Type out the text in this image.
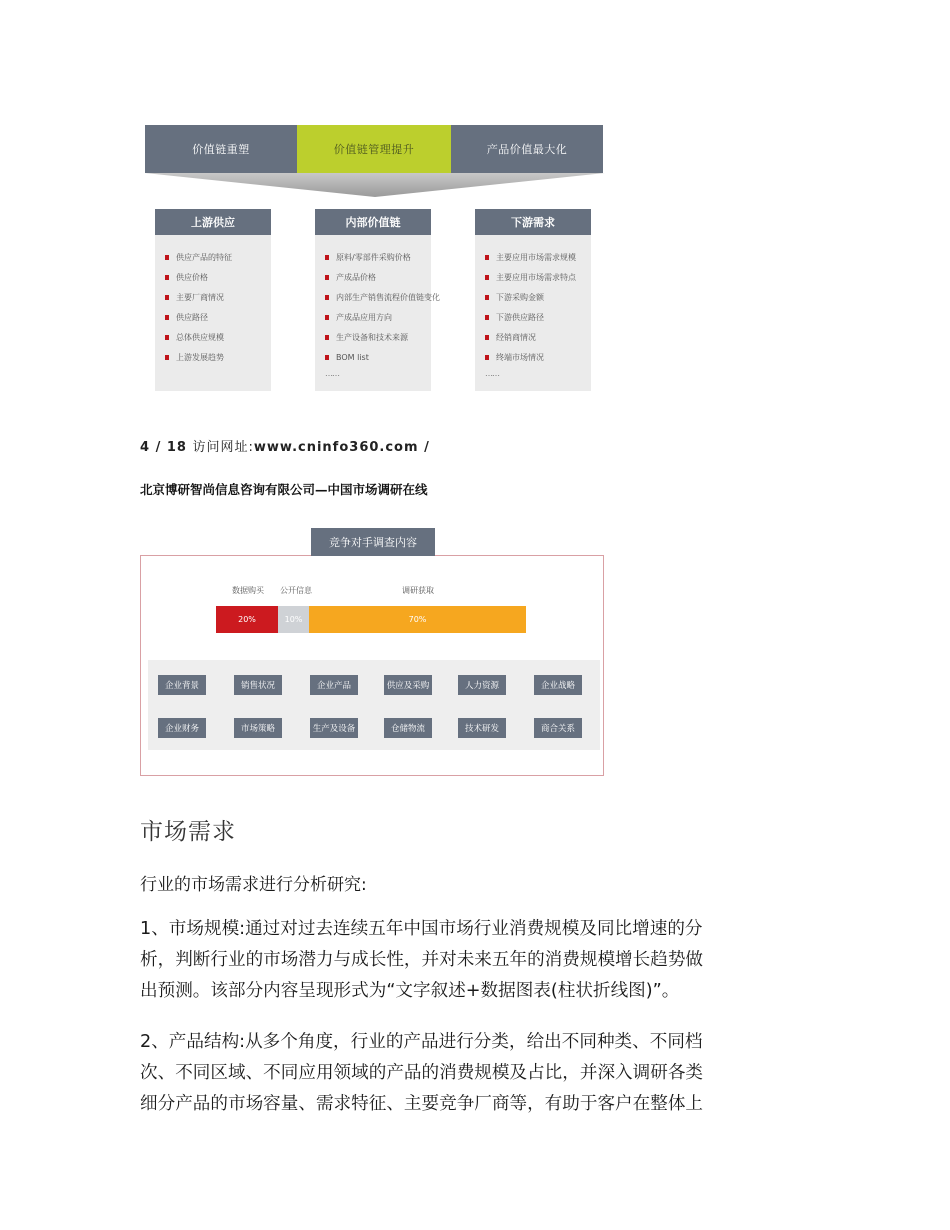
价值链重塑	价值链管理提升	产品价值最大化
上游供应
供应产品的特征
供应价格
主要厂商情况
供应路径
总体供应规模
上游发展趋势
内部价值链
原料/零部件采购价格
产成品价格
内部生产销售流程价值链变化
产成品应用方向
生产设备和技术来源
BOM list
……
下游需求
主要应用市场需求规模
主要应用市场需求特点
下游采购金额
下游供应路径
经销商情况
终端市场情况
……
4 / 18 访问网址:www.cninfo360.com /
北京博研智尚信息咨询有限公司—中国市场调研在线
竞争对手调查内容
数据购买 公开信息	调研获取
20%	10%	70%
企业背景	销售状况	企业产品	供应及采购	人力资源	企业战略
企业财务	市场策略	生产及设备	仓储物流	技术研发	商合关系
市场需求
行业的市场需求进行分析研究:
1、市场规模:通过对过去连续五年中国市场行业消费规模及同比增速的分
析，判断行业的市场潜力与成长性，并对未来五年的消费规模增长趋势做
出预测。该部分内容呈现形式为“文字叙述+数据图表(柱状折线图)”。
2、产品结构:从多个角度，行业的产品进行分类，给出不同种类、不同档
次、不同区域、不同应用领域的产品的消费规模及占比，并深入调研各类
细分产品的市场容量、需求特征、主要竞争厂商等，有助于客户在整体上
